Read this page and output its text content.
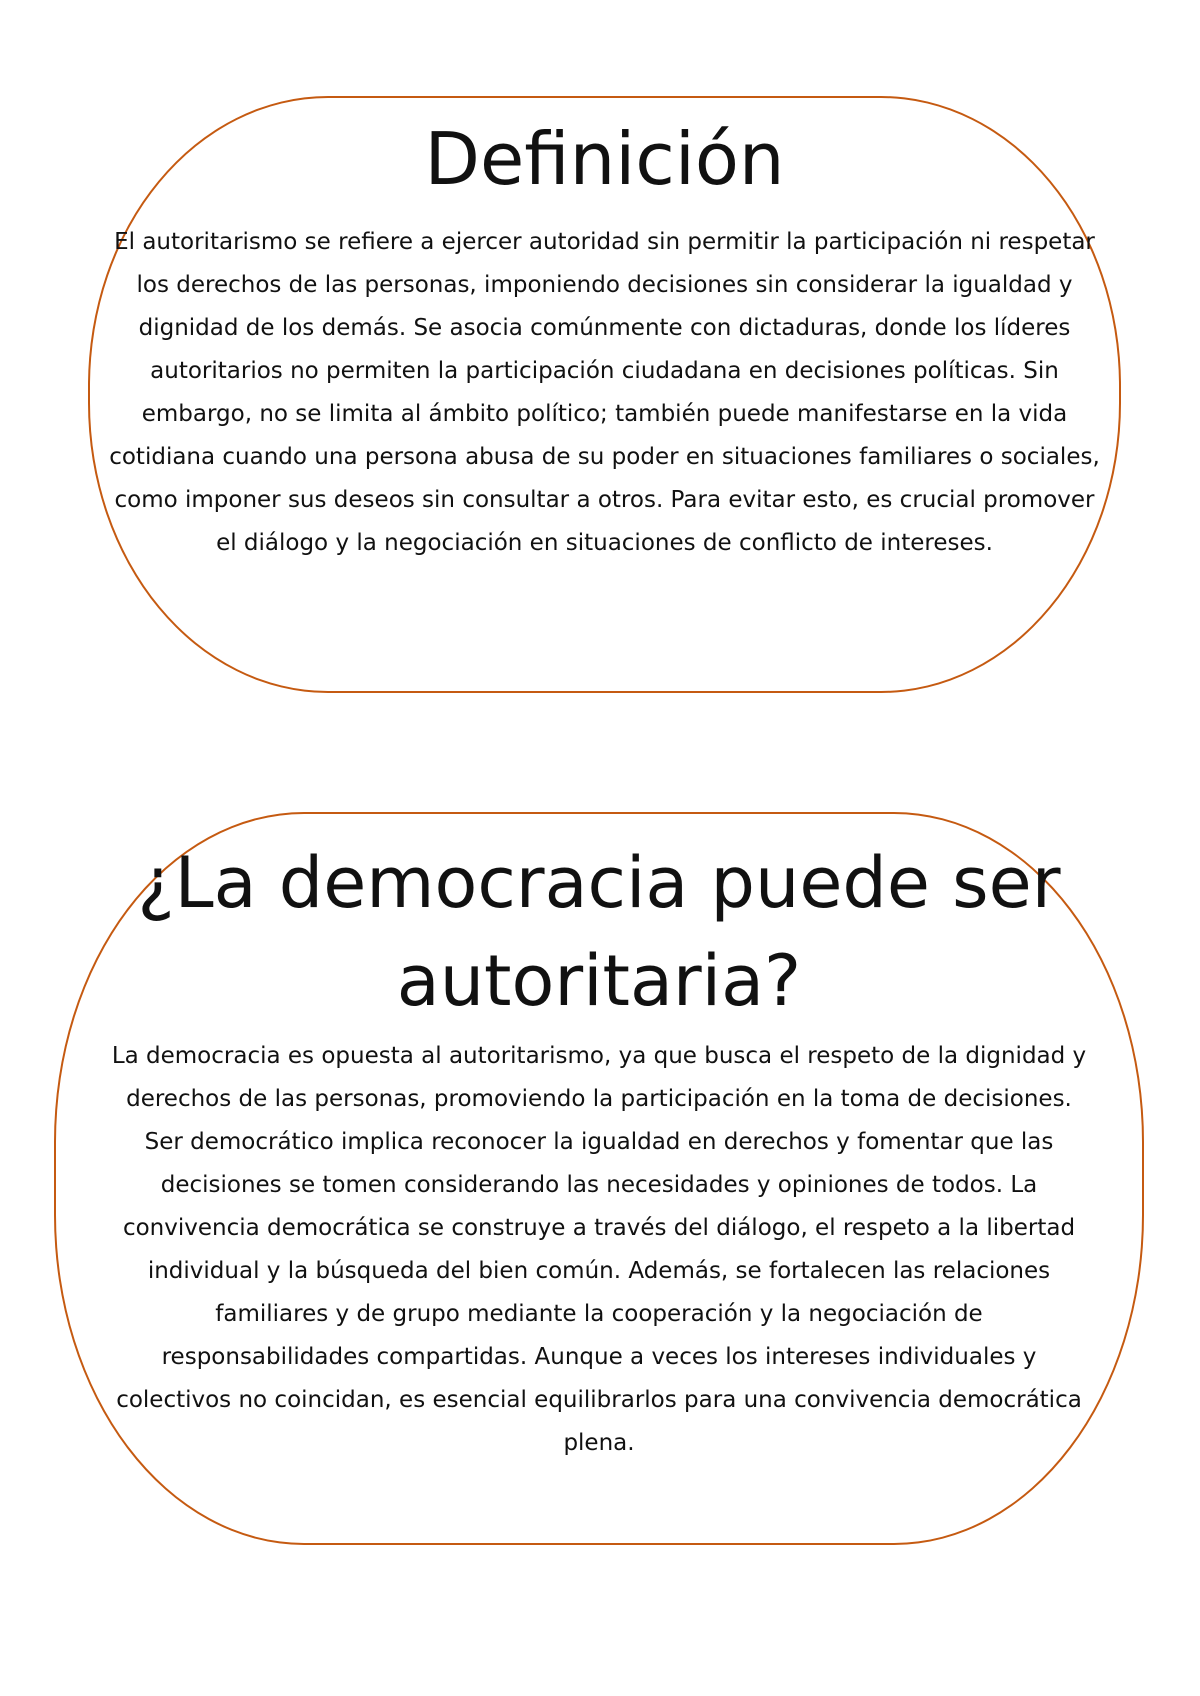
Definición

El autoritarismo se refiere a ejercer autoridad sin permitir la participación ni respetar los derechos de las personas, imponiendo decisiones sin considerar la igualdad y dignidad de los demás. Se asocia comúnmente con dictaduras, donde los líderes autoritarios no permiten la participación ciudadana en decisiones políticas. Sin embargo, no se limita al ámbito político; también puede manifestarse en la vida cotidiana cuando una persona abusa de su poder en situaciones familiares o sociales, como imponer sus deseos sin consultar a otros. Para evitar esto, es crucial promover el diálogo y la negociación en situaciones de conflicto de intereses.

¿La democracia puede ser autoritaria?

La democracia es opuesta al autoritarismo, ya que busca el respeto de la dignidad y derechos de las personas, promoviendo la participación en la toma de decisiones. Ser democrático implica reconocer la igualdad en derechos y fomentar que las decisiones se tomen considerando las necesidades y opiniones de todos. La convivencia democrática se construye a través del diálogo, el respeto a la libertad individual y la búsqueda del bien común. Además, se fortalecen las relaciones familiares y de grupo mediante la cooperación y la negociación de responsabilidades compartidas. Aunque a veces los intereses individuales y colectivos no coincidan, es esencial equilibrarlos para una convivencia democrática plena.
